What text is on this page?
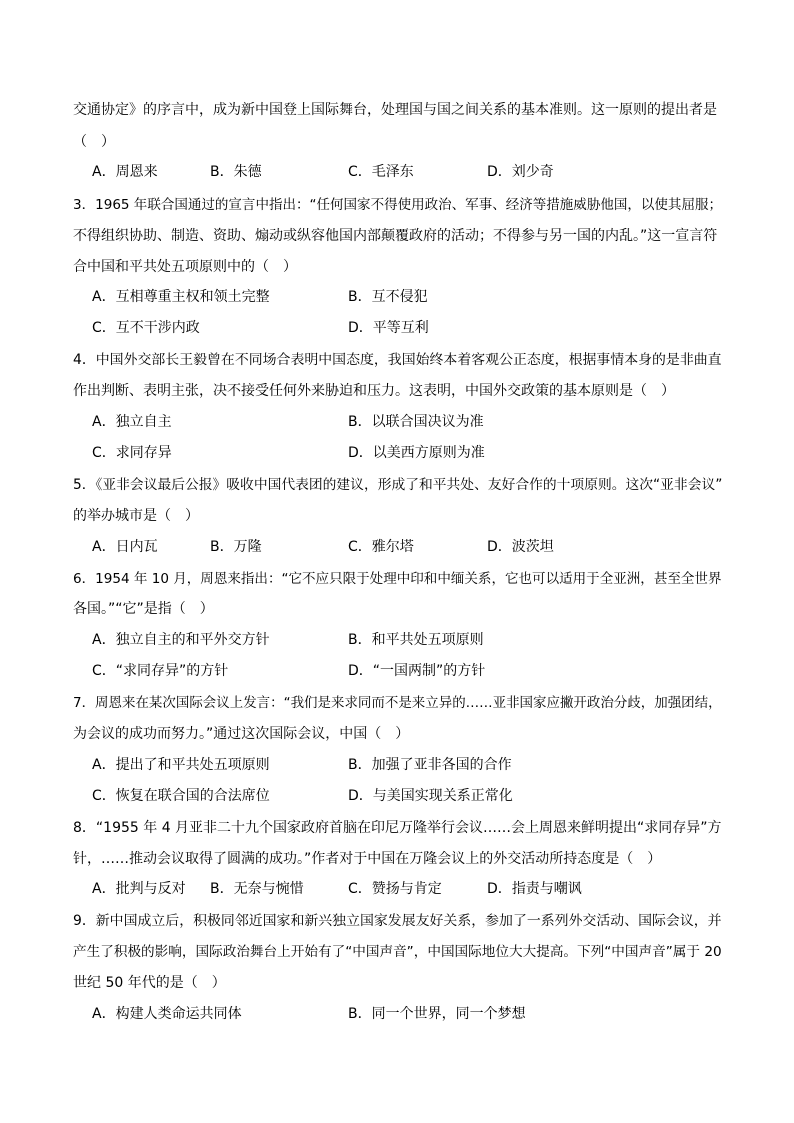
交通协定》的序言中，成为新中国登上国际舞台，处理国与国之间关系的基本准则。这一原则的提出者是
（　）
A．周恩来	B．朱德	C．毛泽东	D．刘少奇
3．1965 年联合国通过的宣言中指出：“任何国家不得使用政治、军事、经济等措施威胁他国，以使其屈服；
不得组织协助、制造、资助、煽动或纵容他国内部颠覆政府的活动；不得参与另一国的内乱。”这一宣言符
合中国和平共处五项原则中的（　）
A．互相尊重主权和领土完整	B．互不侵犯
C．互不干涉内政	D．平等互利
4．中国外交部长王毅曾在不同场合表明中国态度，我国始终本着客观公正态度，根据事情本身的是非曲直
作出判断、表明主张，决不接受任何外来胁迫和压力。这表明，中国外交政策的基本原则是（　）
A．独立自主	B．以联合国决议为准
C．求同存异	D．以美西方原则为准
5．《亚非会议最后公报》吸收中国代表团的建议，形成了和平共处、友好合作的十项原则。这次“亚非会议”
的举办城市是（　）
A．日内瓦	B．万隆	C．雅尔塔	D．波茨坦
6．1954 年 10 月，周恩来指出：“它不应只限于处理中印和中缅关系，它也可以适用于全亚洲，甚至全世界
各国。”“它”是指（　）
A．独立自主的和平外交方针	B．和平共处五项原则
C．“求同存异”的方针	D．“一国两制”的方针
7．周恩来在某次国际会议上发言：“我们是来求同而不是来立异的……亚非国家应撇开政治分歧，加强团结，
为会议的成功而努力。”通过这次国际会议，中国（　）
A．提出了和平共处五项原则	B．加强了亚非各国的合作
C．恢复在联合国的合法席位	D．与美国实现关系正常化
8．“1955 年 4 月亚非二十九个国家政府首脑在印尼万隆举行会议……会上周恩来鲜明提出“求同存异”方
针，……推动会议取得了圆满的成功。”作者对于中国在万隆会议上的外交活动所持态度是（　）
A．批判与反对 B．无奈与惋惜	C．赞扬与肯定	D．指责与嘲讽
9．新中国成立后，积极同邻近国家和新兴独立国家发展友好关系，参加了一系列外交活动、国际会议，并
产生了积极的影响，国际政治舞台上开始有了“中国声音”，中国国际地位大大提高。下列“中国声音”属于 20
世纪 50 年代的是（　）
A．构建人类命运共同体	B．同一个世界，同一个梦想
